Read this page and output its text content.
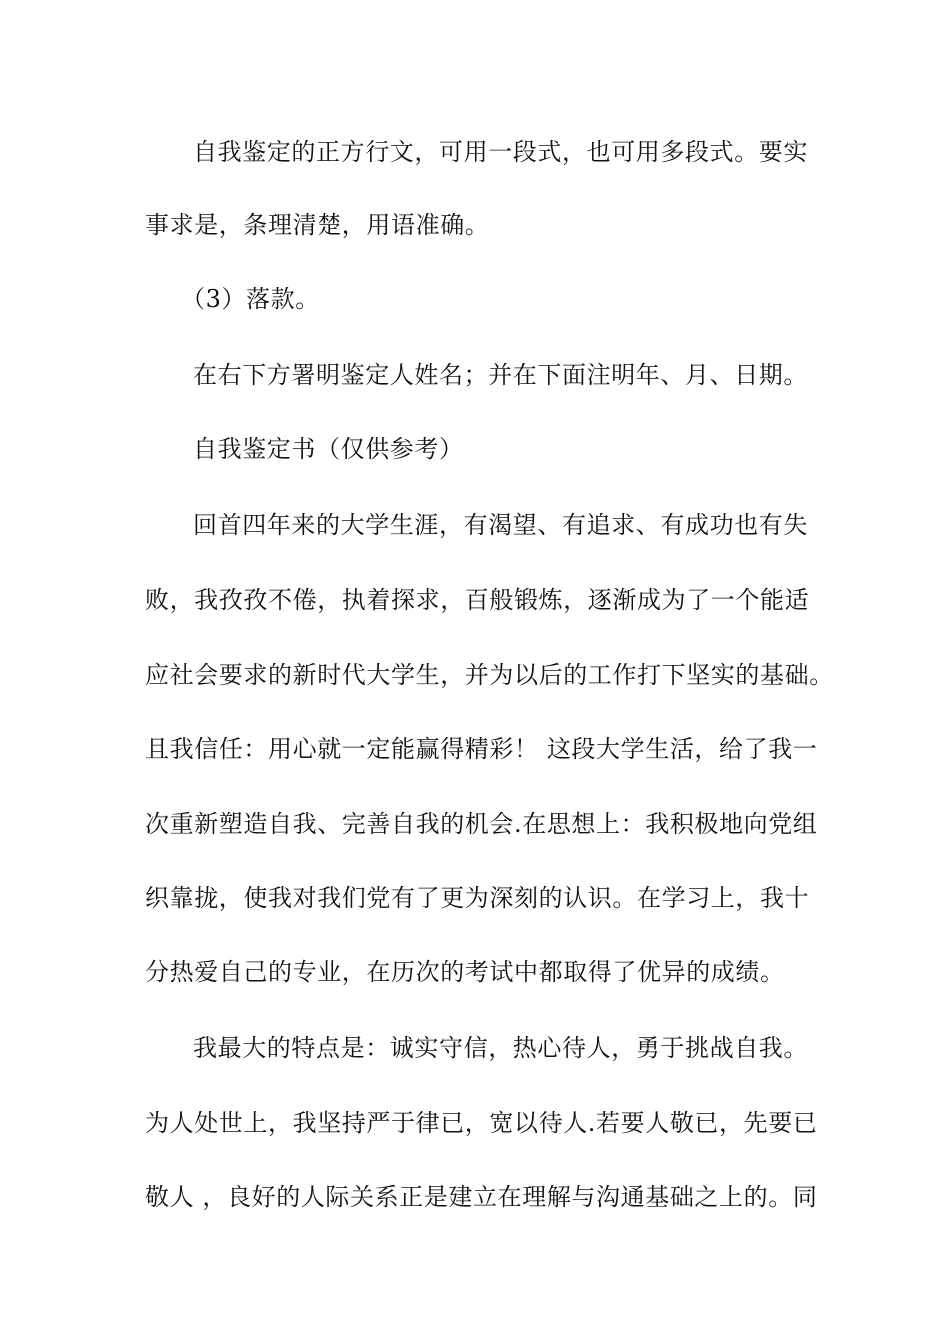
自我鉴定的正方行文，可用一段式，也可用多段式。要实
事求是，条理清楚，用语准确。
（3）落款。
在右下方署明鉴定人姓名；并在下面注明年、月、日期。
自我鉴定书（仅供参考）
回首四年来的大学生涯，有渴望、有追求、有成功也有失
败，我孜孜不倦，执着探求，百般锻炼，逐渐成为了一个能适
应社会要求的新时代大学生，并为以后的工作打下坚实的基础。
且我信任：用心就一定能赢得精彩！ 这段大学生活，给了我一
次重新塑造自我、完善自我的机会.在思想上：我积极地向党组
织靠拢，使我对我们党有了更为深刻的认识。在学习上，我十
分热爱自己的专业，在历次的考试中都取得了优异的成绩。
我最大的特点是：诚实守信，热心待人，勇于挑战自我。
为人处世上，我坚持严于律已，宽以待人.若要人敬已，先要已
敬人 ，良好的人际关系正是建立在理解与沟通基础之上的。同
